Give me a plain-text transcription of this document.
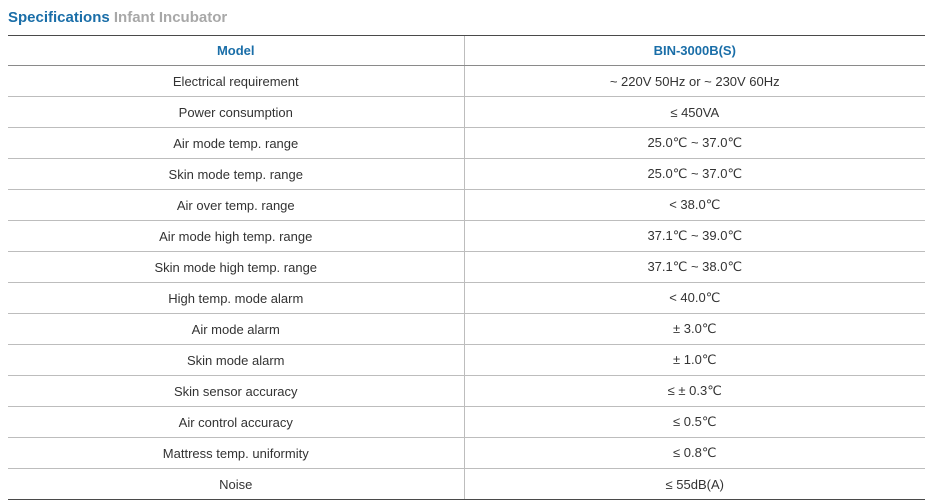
Specifications Infant Incubator
Model	BIN-3000B(S)
Electrical requirement	~ 220V 50Hz or ~ 230V 60Hz
Power consumption	≤ 450VA
Air mode temp. range	25.0℃ ~ 37.0℃
Skin mode temp. range	25.0℃ ~ 37.0℃
Air over temp. range	< 38.0℃
Air mode high temp. range	37.1℃ ~ 39.0℃
Skin mode high temp. range	37.1℃ ~ 38.0℃
High temp. mode alarm	< 40.0℃
Air mode alarm	± 3.0℃
Skin mode alarm	± 1.0℃
Skin sensor accuracy	≤ ± 0.3℃
Air control accuracy	≤ 0.5℃
Mattress temp. uniformity	≤ 0.8℃
Noise	≤ 55dB(A)
